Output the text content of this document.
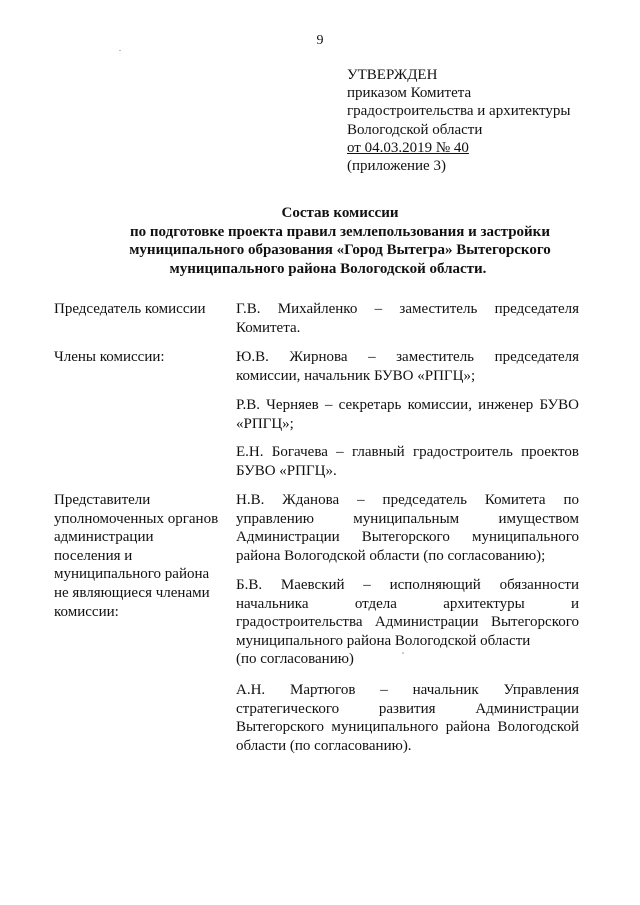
9
УТВЕРЖДЕН
приказом Комитета
градостроительства и архитектуры
Вологодской области
от 04.03.2019 № 40
(приложение 3)
Состав комиссии
по подготовке проекта правил землепользования и застройки
муниципального образования «Город Вытегра» Вытегорского
муниципального района Вологодской области.
Председатель комиссии	Г.В. Михайленко – заместитель председателя Комитета.
Члены комиссии:	Ю.В. Жирнова – заместитель председателя комиссии, начальник БУВО «РПГЦ»;
Р.В. Черняев – секретарь комиссии, инженер БУВО «РПГЦ»;
Е.Н. Богачева – главный градостроитель проектов БУВО «РПГЦ».
Представители
уполномоченных органов
администрации
поселения и
муниципального района
не являющиеся членами
комиссии:
Н.В. Жданова – председатель Комитета по управлению муниципальным имуществом Администрации Вытегорского муниципального района Вологодской области (по согласованию);
Б.В. Маевский – исполняющий обязанности начальника отдела архитектуры и градостроительства Администрации Вытегорского муниципального района Вологодской области
(по согласованию)
А.Н. Мартюгов – начальник Управления стратегического развития Администрации Вытегорского муниципального района Вологодской области (по согласованию).
